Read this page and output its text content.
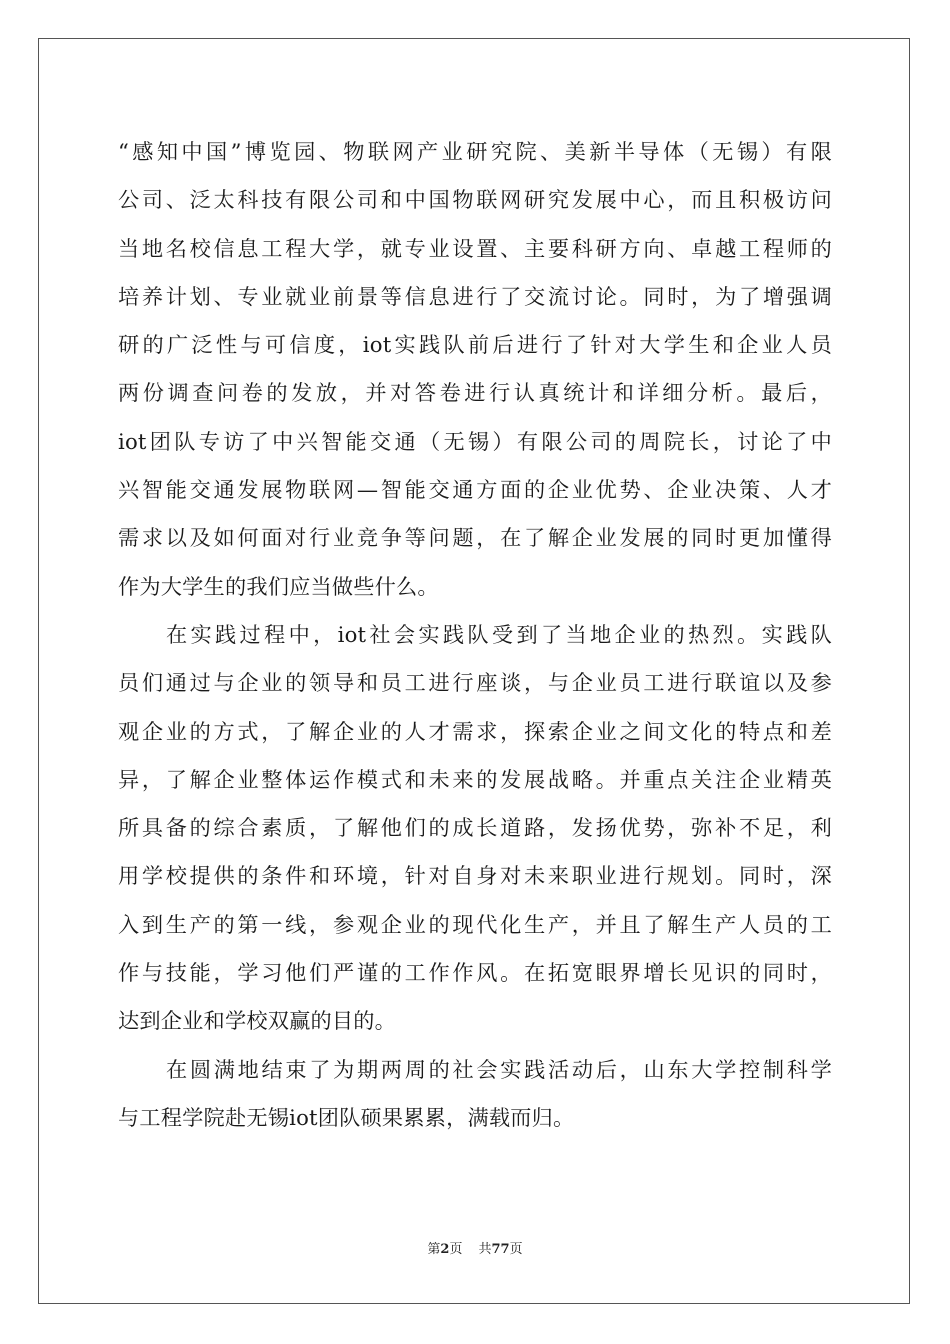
“感知中国”博览园、物联网产业研究院、美新半导体（无锡）有限
公司、泛太科技有限公司和中国物联网研究发展中心，而且积极访问
当地名校信息工程大学，就专业设置、主要科研方向、卓越工程师的
培养计划、专业就业前景等信息进行了交流讨论。同时，为了增强调
研的广泛性与可信度，iot实践队前后进行了针对大学生和企业人员
两份调查问卷的发放，并对答卷进行认真统计和详细分析。最后，
iot团队专访了中兴智能交通（无锡）有限公司的周院长，讨论了中
兴智能交通发展物联网—智能交通方面的企业优势、企业决策、人才
需求以及如何面对行业竞争等问题，在了解企业发展的同时更加懂得
作为大学生的我们应当做些什么。
在实践过程中，iot社会实践队受到了当地企业的热烈。实践队
员们通过与企业的领导和员工进行座谈，与企业员工进行联谊以及参
观企业的方式，了解企业的人才需求，探索企业之间文化的特点和差
异，了解企业整体运作模式和未来的发展战略。并重点关注企业精英
所具备的综合素质，了解他们的成长道路，发扬优势，弥补不足，利
用学校提供的条件和环境，针对自身对未来职业进行规划。同时，深
入到生产的第一线，参观企业的现代化生产，并且了解生产人员的工
作与技能，学习他们严谨的工作作风。在拓宽眼界增长见识的同时，
达到企业和学校双赢的目的。
在圆满地结束了为期两周的社会实践活动后，山东大学控制科学
与工程学院赴无锡iot团队硕果累累，满载而归。
第2页 共77页
